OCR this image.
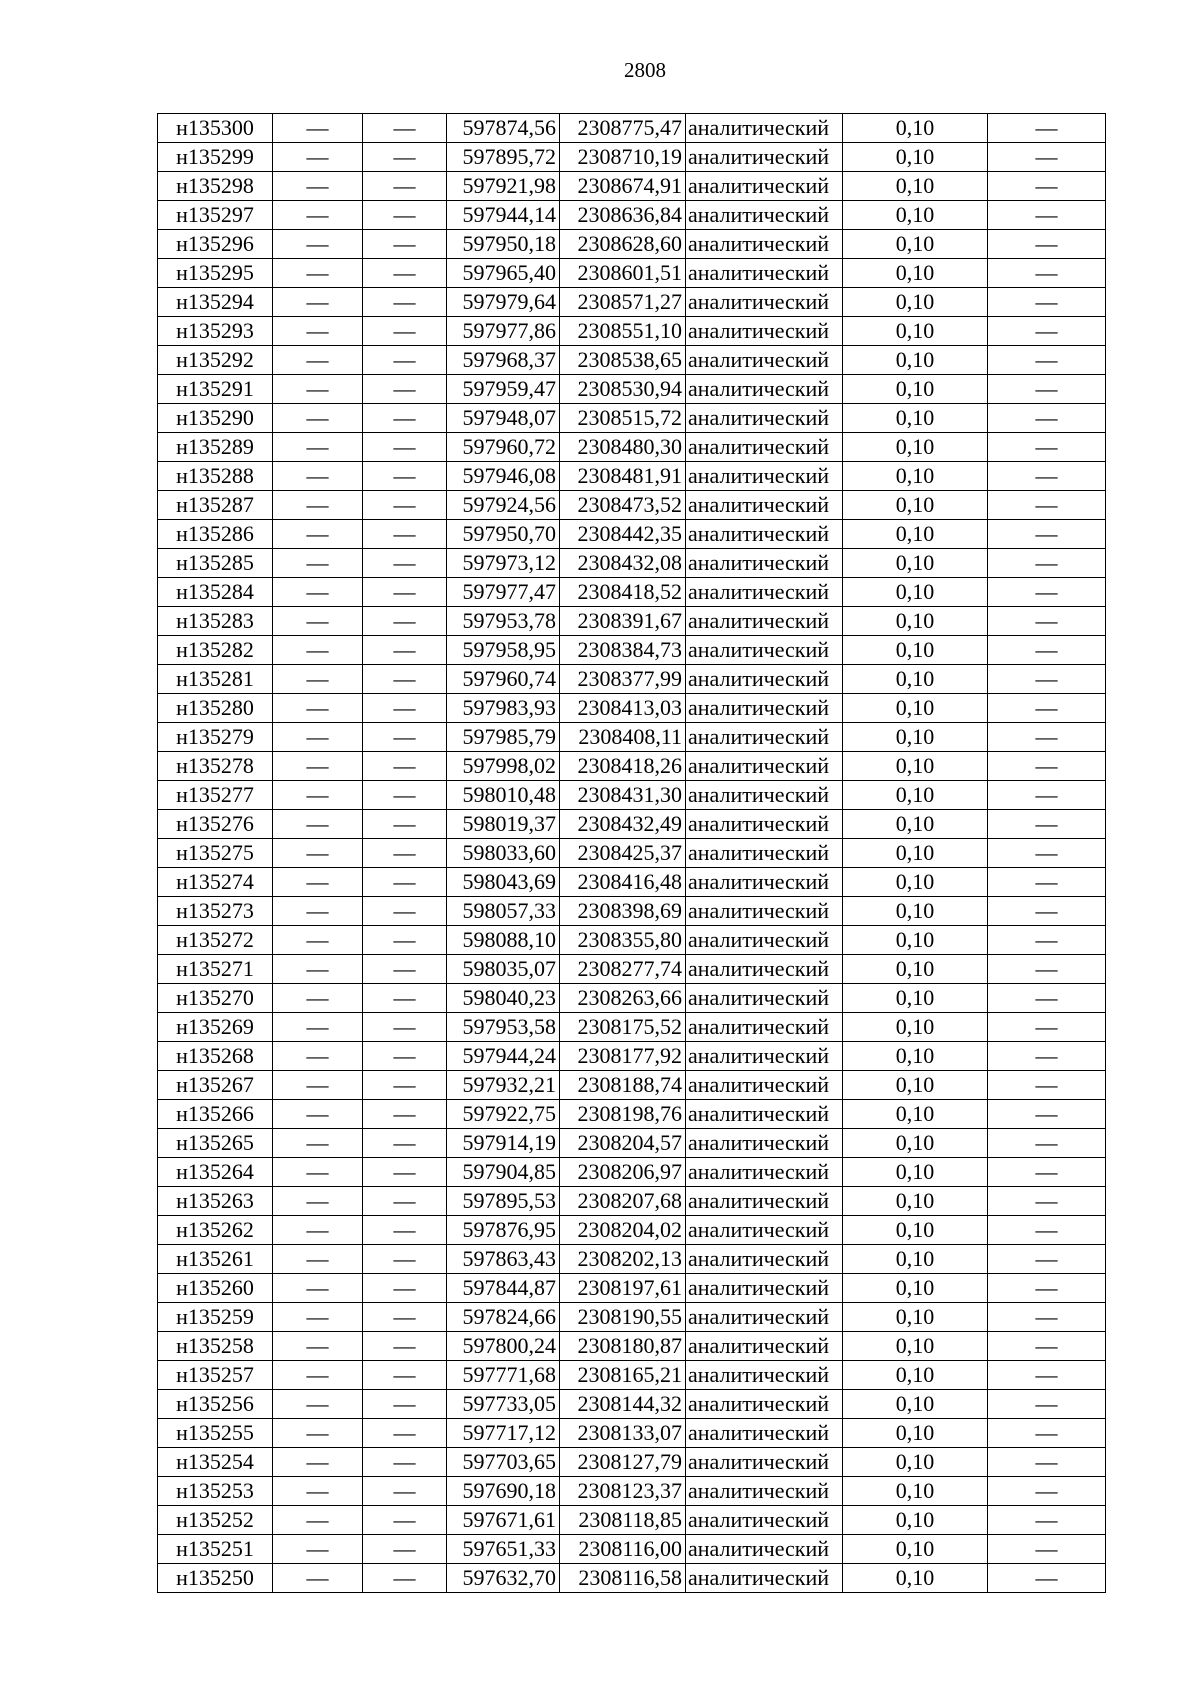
2808
н135300	—	—	597874,56	2308775,47	аналитический	0,10	—
н135299	—	—	597895,72	2308710,19	аналитический	0,10	—
н135298	—	—	597921,98	2308674,91	аналитический	0,10	—
н135297	—	—	597944,14	2308636,84	аналитический	0,10	—
н135296	—	—	597950,18	2308628,60	аналитический	0,10	—
н135295	—	—	597965,40	2308601,51	аналитический	0,10	—
н135294	—	—	597979,64	2308571,27	аналитический	0,10	—
н135293	—	—	597977,86	2308551,10	аналитический	0,10	—
н135292	—	—	597968,37	2308538,65	аналитический	0,10	—
н135291	—	—	597959,47	2308530,94	аналитический	0,10	—
н135290	—	—	597948,07	2308515,72	аналитический	0,10	—
н135289	—	—	597960,72	2308480,30	аналитический	0,10	—
н135288	—	—	597946,08	2308481,91	аналитический	0,10	—
н135287	—	—	597924,56	2308473,52	аналитический	0,10	—
н135286	—	—	597950,70	2308442,35	аналитический	0,10	—
н135285	—	—	597973,12	2308432,08	аналитический	0,10	—
н135284	—	—	597977,47	2308418,52	аналитический	0,10	—
н135283	—	—	597953,78	2308391,67	аналитический	0,10	—
н135282	—	—	597958,95	2308384,73	аналитический	0,10	—
н135281	—	—	597960,74	2308377,99	аналитический	0,10	—
н135280	—	—	597983,93	2308413,03	аналитический	0,10	—
н135279	—	—	597985,79	2308408,11	аналитический	0,10	—
н135278	—	—	597998,02	2308418,26	аналитический	0,10	—
н135277	—	—	598010,48	2308431,30	аналитический	0,10	—
н135276	—	—	598019,37	2308432,49	аналитический	0,10	—
н135275	—	—	598033,60	2308425,37	аналитический	0,10	—
н135274	—	—	598043,69	2308416,48	аналитический	0,10	—
н135273	—	—	598057,33	2308398,69	аналитический	0,10	—
н135272	—	—	598088,10	2308355,80	аналитический	0,10	—
н135271	—	—	598035,07	2308277,74	аналитический	0,10	—
н135270	—	—	598040,23	2308263,66	аналитический	0,10	—
н135269	—	—	597953,58	2308175,52	аналитический	0,10	—
н135268	—	—	597944,24	2308177,92	аналитический	0,10	—
н135267	—	—	597932,21	2308188,74	аналитический	0,10	—
н135266	—	—	597922,75	2308198,76	аналитический	0,10	—
н135265	—	—	597914,19	2308204,57	аналитический	0,10	—
н135264	—	—	597904,85	2308206,97	аналитический	0,10	—
н135263	—	—	597895,53	2308207,68	аналитический	0,10	—
н135262	—	—	597876,95	2308204,02	аналитический	0,10	—
н135261	—	—	597863,43	2308202,13	аналитический	0,10	—
н135260	—	—	597844,87	2308197,61	аналитический	0,10	—
н135259	—	—	597824,66	2308190,55	аналитический	0,10	—
н135258	—	—	597800,24	2308180,87	аналитический	0,10	—
н135257	—	—	597771,68	2308165,21	аналитический	0,10	—
н135256	—	—	597733,05	2308144,32	аналитический	0,10	—
н135255	—	—	597717,12	2308133,07	аналитический	0,10	—
н135254	—	—	597703,65	2308127,79	аналитический	0,10	—
н135253	—	—	597690,18	2308123,37	аналитический	0,10	—
н135252	—	—	597671,61	2308118,85	аналитический	0,10	—
н135251	—	—	597651,33	2308116,00	аналитический	0,10	—
н135250	—	—	597632,70	2308116,58	аналитический	0,10	—
